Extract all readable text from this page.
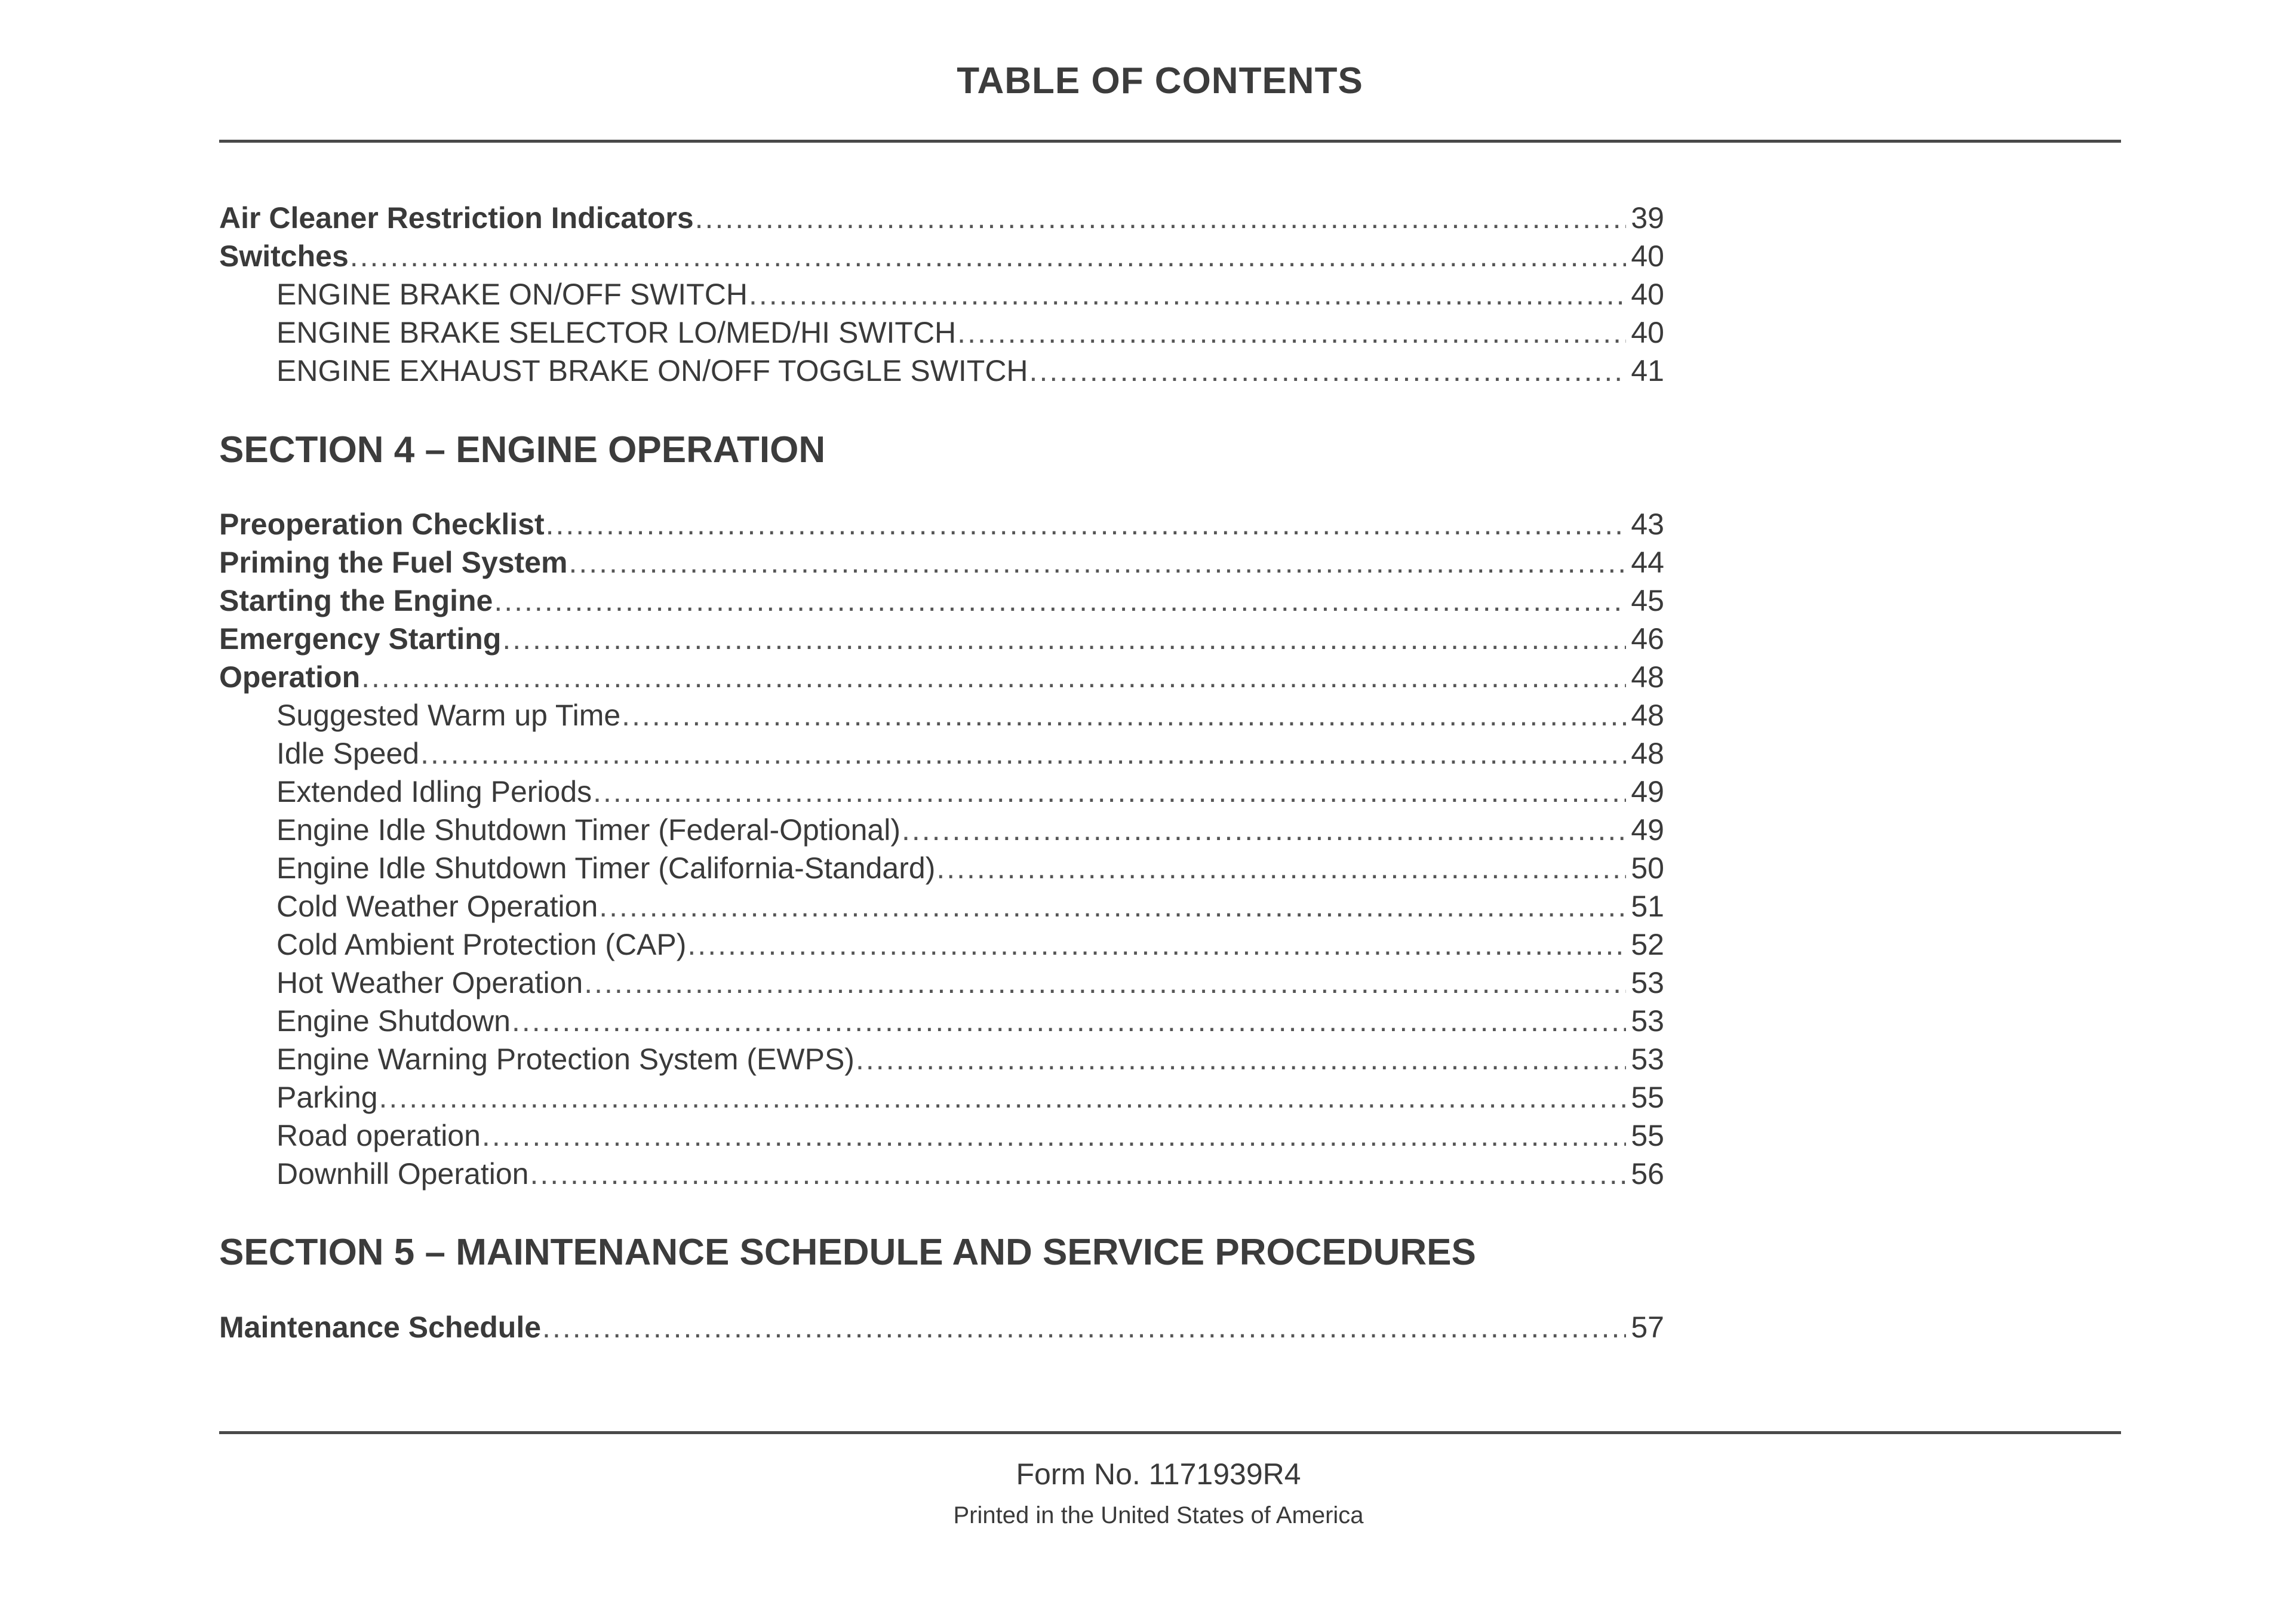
TABLE OF CONTENTS
Air Cleaner Restriction Indicators .....	39
Switches .....	40
ENGINE BRAKE ON/OFF SWITCH .....	40
ENGINE BRAKE SELECTOR LO/MED/HI SWITCH .....	40
ENGINE EXHAUST BRAKE ON/OFF TOGGLE SWITCH .....	41
SECTION 4 – ENGINE OPERATION
Preoperation Checklist .....	43
Priming the Fuel System .....	44
Starting the Engine .....	45
Emergency Starting .....	46
Operation .....	48
Suggested Warm up Time .....	48
Idle Speed .....	48
Extended Idling Periods .....	49
Engine Idle Shutdown Timer (Federal-Optional) .....	49
Engine Idle Shutdown Timer (California-Standard) .....	50
Cold Weather Operation .....	51
Cold Ambient Protection (CAP) .....	52
Hot Weather Operation .....	53
Engine Shutdown .....	53
Engine Warning Protection System (EWPS) .....	53
Parking .....	55
Road operation .....	55
Downhill Operation .....	56
SECTION 5 – MAINTENANCE SCHEDULE AND SERVICE PROCEDURES
Maintenance Schedule .....	57
Form No. 1171939R4
Printed in the United States of America
